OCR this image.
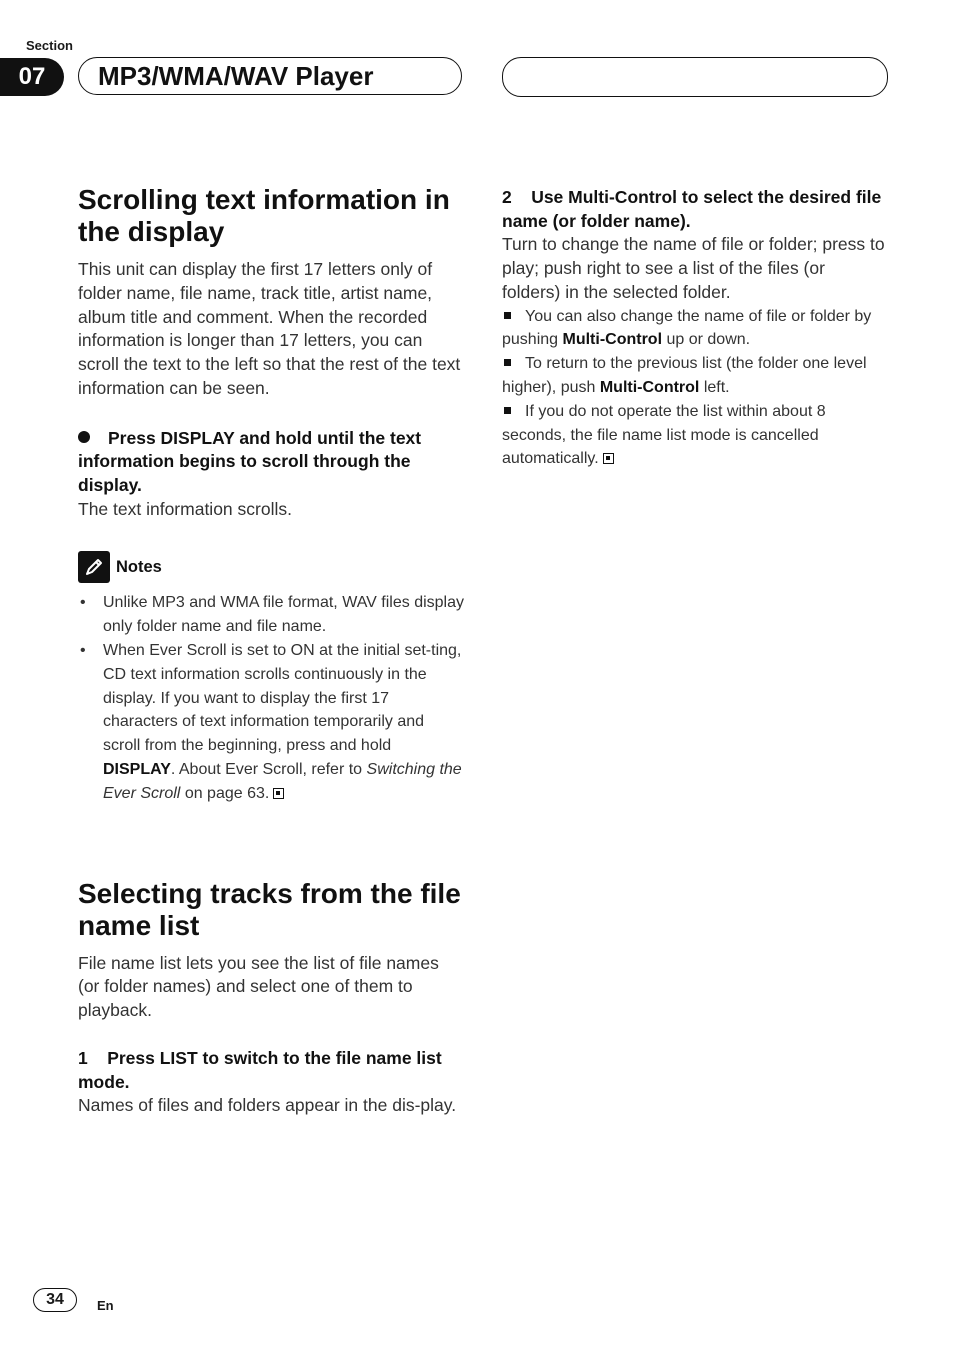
Section
07	MP3/WMA/WAV Player
Scrolling text information in the display

This unit can display the first 17 letters only of folder name, file name, track title, artist name, album title and comment. When the recorded information is longer than 17 letters, you can scroll the text to the left so that the rest of the text information can be seen.

Press DISPLAY and hold until the text information begins to scroll through the display.

The text information scrolls.

Notes
• Unlike MP3 and WMA file format, WAV files display only folder name and file name.
• When Ever Scroll is set to ON at the initial set-ting, CD text information scrolls continuously in the display. If you want to display the first 17 characters of text information temporarily and scroll from the beginning, press and hold DISPLAY. About Ever Scroll, refer to Switching the Ever Scroll on page 63.
Selecting tracks from the file name list

File name list lets you see the list of file names (or folder names) and select one of them to playback.

1 Press LIST to switch to the file name list mode.

Names of files and folders appear in the dis-play.

2 Use Multi-Control to select the desired file name (or folder name).

Turn to change the name of file or folder; press to play; push right to see a list of the files (or folders) in the selected folder.

You can also change the name of file or folder by pushing Multi-Control up or down.

To return to the previous list (the folder one level higher), push Multi-Control left.

If you do not operate the list within about 8 seconds, the file name list mode is cancelled automatically.

34	En
